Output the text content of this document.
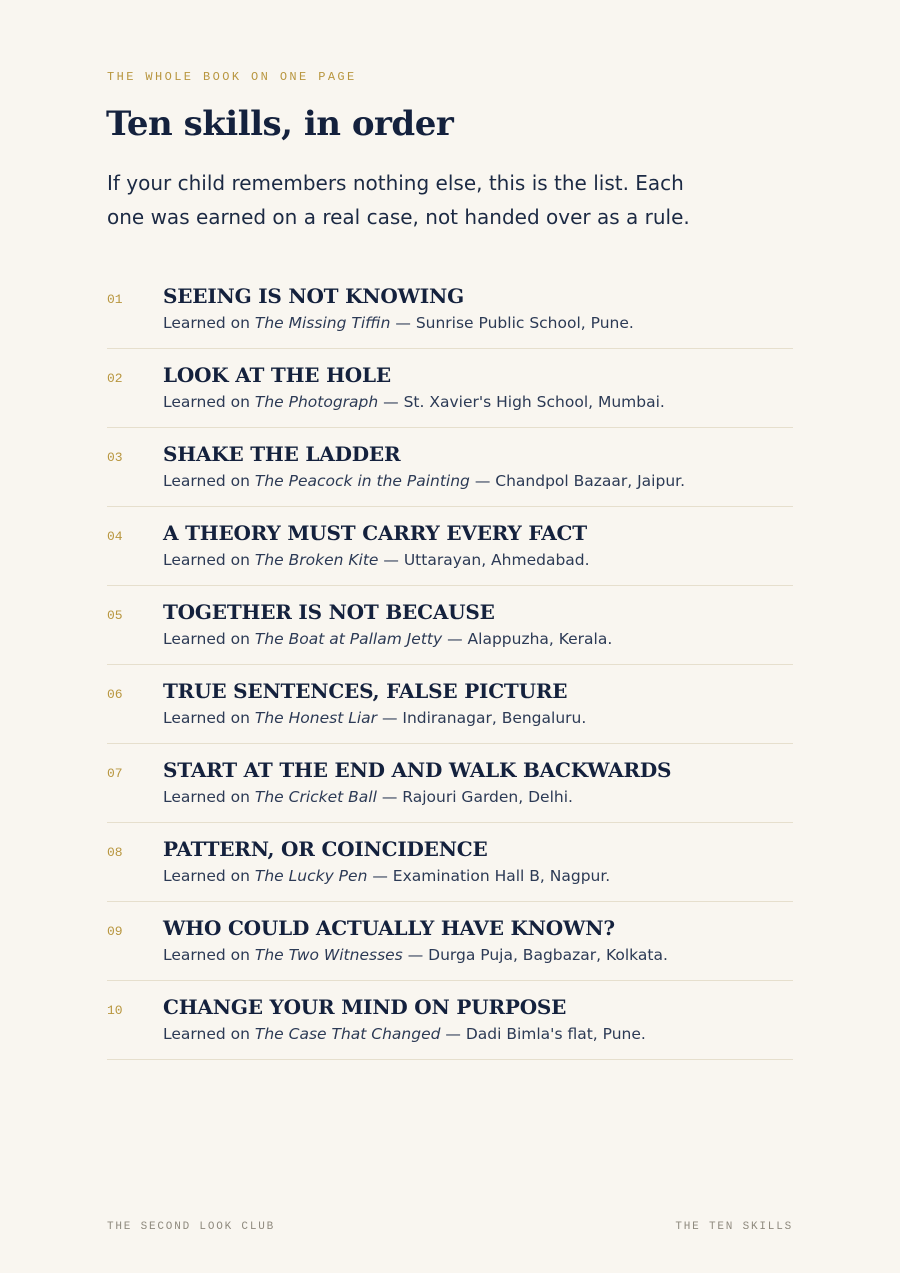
THE WHOLE BOOK ON ONE PAGE

Ten skills, in order

If your child remembers nothing else, this is the list. Each one was earned on a real case, not handed over as a rule.

01 SEEING IS NOT KNOWING

Learned on The Missing Tiffin — Sunrise Public School, Pune.

02 LOOK AT THE HOLE

Learned on The Photograph — St. Xavier's High School, Mumbai.

03 SHAKE THE LADDER

Learned on The Peacock in the Painting — Chandpol Bazaar, Jaipur.

04 A THEORY MUST CARRY EVERY FACT

Learned on The Broken Kite — Uttarayan, Ahmedabad.

05 TOGETHER IS NOT BECAUSE

Learned on The Boat at Pallam Jetty — Alappuzha, Kerala.

06 TRUE SENTENCES, FALSE PICTURE

Learned on The Honest Liar — Indiranagar, Bengaluru.

07 START AT THE END AND WALK BACKWARDS

Learned on The Cricket Ball — Rajouri Garden, Delhi.

08 PATTERN, OR COINCIDENCE

Learned on The Lucky Pen — Examination Hall B, Nagpur.

09 WHO COULD ACTUALLY HAVE KNOWN?

Learned on The Two Witnesses — Durga Puja, Bagbazar, Kolkata.

10 CHANGE YOUR MIND ON PURPOSE

Learned on The Case That Changed — Dadi Bimla's flat, Pune.

THE SECOND LOOK CLUB	THE TEN SKILLS
